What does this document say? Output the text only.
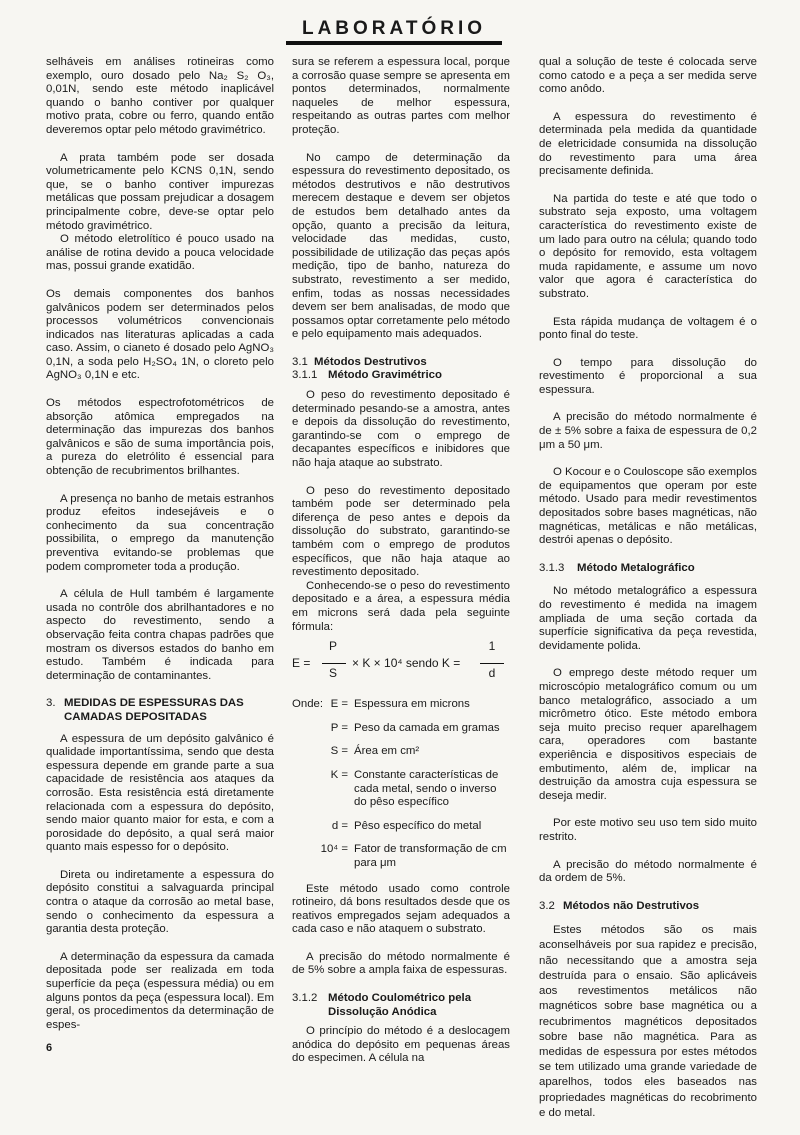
LABORATÓRIO

selháveis em análises rotineiras como exemplo, ouro dosado pelo Na₂ S₂ O₃, 0,01N, sendo este método inaplicável quando o banho contiver por qualquer motivo prata, cobre ou ferro, quando então deveremos optar pelo método gravimétrico.

A prata também pode ser dosada volumetricamente pelo KCNS 0,1N, sendo que, se o banho contiver impurezas metálicas que possam prejudicar a dosagem principalmente cobre, deve-se optar pelo método gravimétrico.

O método eletrolítico é pouco usado na análise de rotina devido a pouca velocidade mas, possui grande exatidão.

Os demais componentes dos banhos galvânicos podem ser determinados pelos processos volumétricos convencionais indicados nas literaturas aplicadas a cada caso. Assim, o cianeto é dosado pelo AgNO₃ 0,1N, a soda pelo H₂SO₄ 1N, o cloreto pelo AgNO₃ 0,1N e etc.

Os métodos espectrofotométricos de absorção atômica empregados na determinação das impurezas dos banhos galvânicos e são de suma importância pois, a pureza do eletrólito é essencial para obtenção de recubrimentos brilhantes.

A presença no banho de metais estranhos produz efeitos indesejáveis e o conhecimento da sua concentração possibilita, o emprego da manutenção preventiva evitando-se problemas que podem comprometer toda a produção.

A célula de Hull também é largamente usada no contrôle dos abrilhantadores e no aspecto do revestimento, sendo a observação feita contra chapas padrões que mostram os diversos estados do banho em estudo. Também é indicada para determinação de contaminantes.

3. MEDIDAS DE ESPESSURAS DAS
CAMADAS DEPOSITADAS

A espessura de um depósito galvânico é qualidade importantíssima, sendo que desta espessura depende em grande parte a sua capacidade de resistência aos ataques da corrosão. Esta resistência está diretamente relacionada com a espessura do depósito, sendo maior quanto maior for esta, e com a porosidade do depósito, a qual será maior quanto mais espesso for o depósito.

Direta ou indiretamente a espessura do depósito constitui a salvaguarda principal contra o ataque da corrosão ao metal base, sendo o conhecimento da espessura a garantia desta proteção.

A determinação da espessura da camada depositada pode ser realizada em toda superfície da peça (espessura média) ou em alguns pontos da peça (espessura local). Em geral, os procedimentos da determinação de espes-

sura se referem a espessura local, porque a corrosão quase sempre se apresenta em pontos determinados, normalmente naqueles de melhor espessura, respeitando as outras partes com melhor proteção.

No campo de determinação da espessura do revestimento depositado, os métodos destrutivos e não destrutivos merecem destaque e devem ser objetos de estudos bem detalhado antes da opção, quanto a precisão da leitura, velocidade das medidas, custo, possibilidade de utilização das peças após medição, tipo de banho, natureza do substrato, revestimento a ser medido, enfim, todas as nossas necessidades devem ser bem analisadas, de modo que possamos optar corretamente pelo método e pelo equipamento mais adequados.

3.1 Métodos Destrutivos
3.1.1 Método Gravimétrico

O peso do revestimento depositado é determinado pesando-se a amostra, antes e depois da dissolução do revestimento, garantindo-se com o emprego de decapantes específicos e inibidores que não haja ataque ao substrato.

O peso do revestimento depositado também pode ser determinado pela diferença de peso antes e depois da dissolução do substrato, garantindo-se também com o emprego de produtos específicos, que não haja ataque ao revestimento depositado.

Conhecendo-se o peso do revestimento depositado e a área, a espessura média em microns será dada pela seguinte fórmula:

E =
P
S
× K × 10⁴ sendo K =
1
d
Onde: E = Espessura em microns
P = Peso da camada em gramas
S = Área em cm²
K = Constante características de cada metal, sendo o inverso do pêso específico
d = Pêso específico do metal
10⁴ = Fator de transformação de cm para μm

Este método usado como controle rotineiro, dá bons resultados desde que os reativos empregados sejam adequados a cada caso e não ataquem o substrato.

A precisão do método normalmente é de 5% sobre a ampla faixa de espessuras.

3.1.2 Método Coulométrico pela
Dissolução Anódica

O princípio do método é a deslocagem anódica do depósito em pequenas áreas do especimen. A célula na

qual a solução de teste é colocada serve como catodo e a peça a ser medida serve como anôdo.

A espessura do revestimento é determinada pela medida da quantidade de eletricidade consumida na dissolução do revestimento para uma área precisamente definida.

Na partida do teste e até que todo o substrato seja exposto, uma voltagem característica do revestimento existe de um lado para outro na célula; quando todo o depósito for removido, esta voltagem muda rapidamente, e assume um novo valor que agora é característica do substrato.

Esta rápida mudança de voltagem é o ponto final do teste.

O tempo para dissolução do revestimento é proporcional a sua espessura.

A precisão do método normalmente é de ± 5% sobre a faixa de espessura de 0,2 μm a 50 μm.

O Kocour e o Couloscope são exemplos de equipamentos que operam por este método. Usado para medir revestimentos depositados sobre bases magnéticas, não magnéticas, metálicas e não metálicas, destrói apenas o depósito.

3.1.3 Método Metalográfico

No método metalográfico a espessura do revestimento é medida na imagem ampliada de uma seção cortada da superfície significativa da peça revestida, devidamente polida.

O emprego deste método requer um microscópio metalográfico comum ou um banco metalográfico, associado a um micrômetro ótico. Este método embora seja muito preciso requer aparelhagem cara, operadores com bastante experiência e dispositivos especiais de embutimento, além de, implicar na destruição da amostra cuja espessura se deseja medir.

Por este motivo seu uso tem sido muito restrito.

A precisão do método normalmente é da ordem de 5%.

3.2 Métodos não Destrutivos

Estes métodos são os mais aconselháveis por sua rapidez e precisão, não necessitando que a amostra seja destruída para o ensaio. São aplicáveis aos revestimentos metálicos não magnéticos sobre base magnética ou a recubrimentos magnéticos depositados sobre base não magnética. Para as medidas de espessura por estes métodos se tem utilizado uma grande variedade de aparelhos, todos eles baseados nas propriedades magnéticas do recobrimento e do metal.

6
